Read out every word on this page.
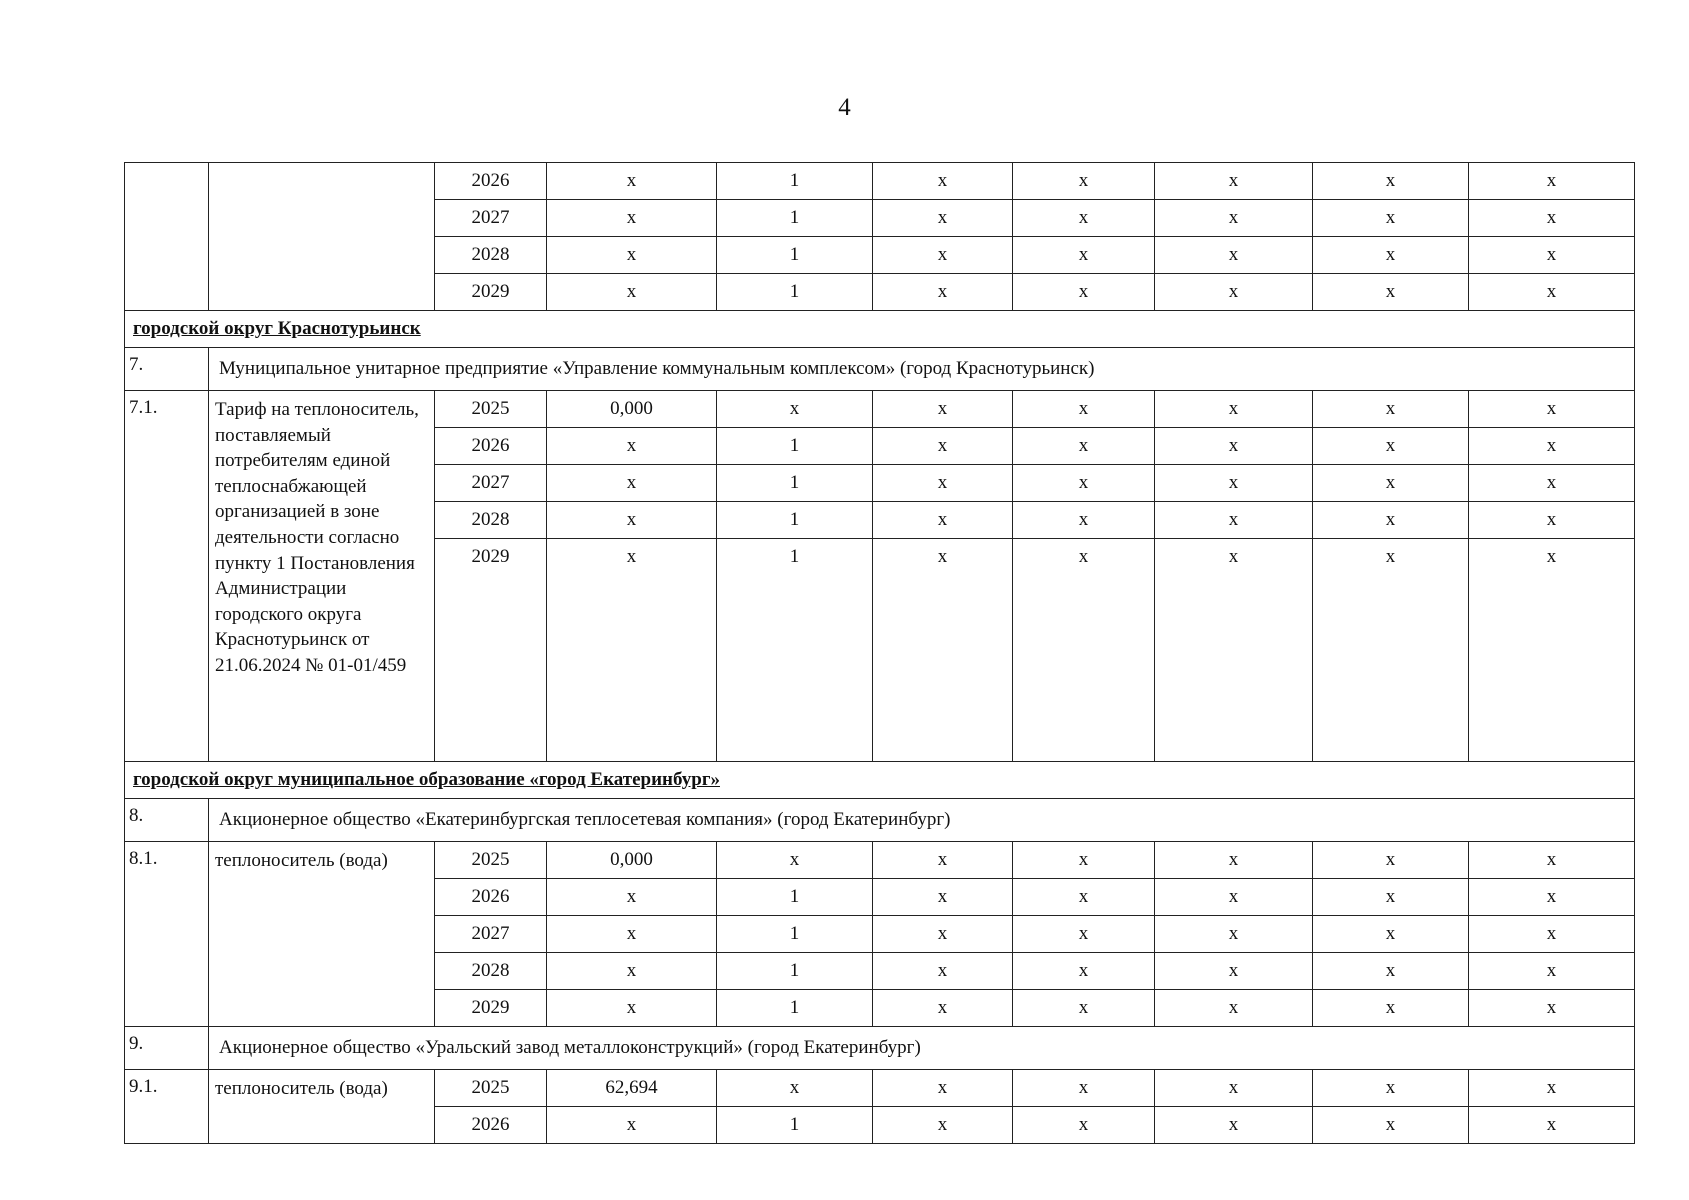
4
		2026	x	1	x	x	x	x	x
		2027	x	1	x	x	x	x	x
		2028	x	1	x	x	x	x	x
		2029	x	1	x	x	x	x	x
городской округ Краснотурьинск									
7.	Муниципальное унитарное предприятие «Управление коммунальным комплексом» (город Краснотурьинск)								
7.1.	Тариф на теплоноситель, поставляемый потребителям единой теплоснабжающей организацией в зоне деятельности согласно пункту 1 Постановления Администрации городского округа Краснотурьинск от 21.06.2024 № 01-01/459	2025	0,000	x	x	x	x	x	x
		2026	x	1	x	x	x	x	x
		2027	x	1	x	x	x	x	x
		2028	x	1	x	x	x	x	x
		2029	x	1	x	x	x	x	x
городской округ муниципальное образование «город Екатеринбург»									
8.	Акционерное общество «Екатеринбургская теплосетевая компания» (город Екатеринбург)								
8.1.	теплоноситель (вода)	2025	0,000	x	x	x	x	x	x
		2026	x	1	x	x	x	x	x
		2027	x	1	x	x	x	x	x
		2028	x	1	x	x	x	x	x
		2029	x	1	x	x	x	x	x
9.	Акционерное общество «Уральский завод металлоконструкций» (город Екатеринбург)								
9.1.	теплоноситель (вода)	2025	62,694	x	x	x	x	x	x
		2026	x	1	x	x	x	x	x
